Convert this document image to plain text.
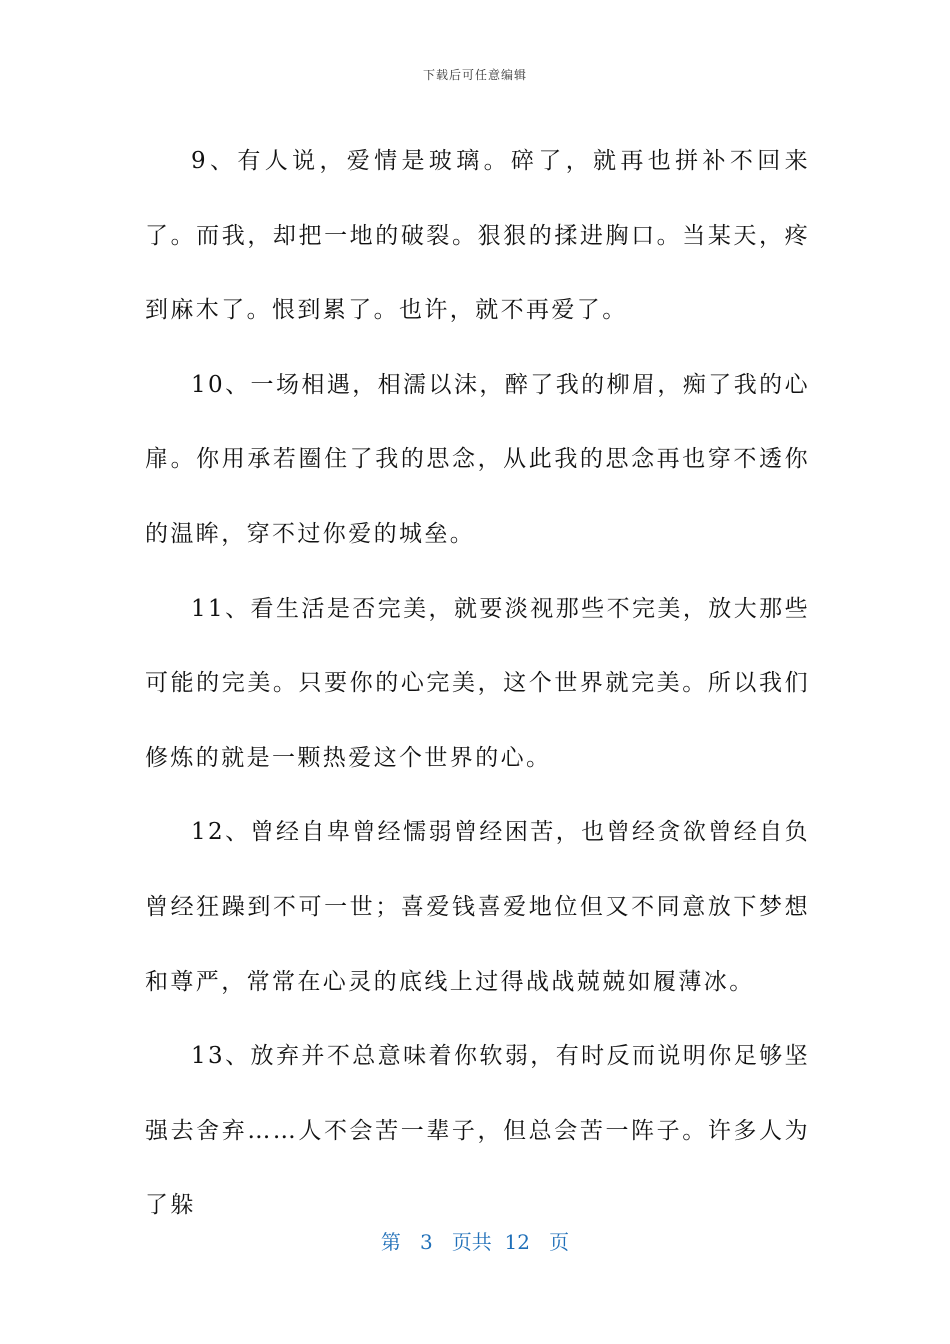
下载后可任意编辑

9、有人说，爱情是玻璃。碎了，就再也拼补不回来了。而我，却把一地的破裂。狠狠的揉进胸口。当某天，疼到麻木了。恨到累了。也许，就不再爱了。

10、一场相遇，相濡以沫，醉了我的柳眉，痴了我的心扉。你用承若圈住了我的思念，从此我的思念再也穿不透你的温眸，穿不过你爱的城垒。

11、看生活是否完美，就要淡视那些不完美，放大那些可能的完美。只要你的心完美，这个世界就完美。所以我们修炼的就是一颗热爱这个世界的心。

12、曾经自卑曾经懦弱曾经困苦，也曾经贪欲曾经自负曾经狂躁到不可一世；喜爱钱喜爱地位但又不同意放下梦想和尊严，常常在心灵的底线上过得战战兢兢如履薄冰。

13、放弃并不总意味着你软弱，有时反而说明你足够坚强去舍弃……人不会苦一辈子，但总会苦一阵子。许多人为了躲

第 3 页共 12 页
